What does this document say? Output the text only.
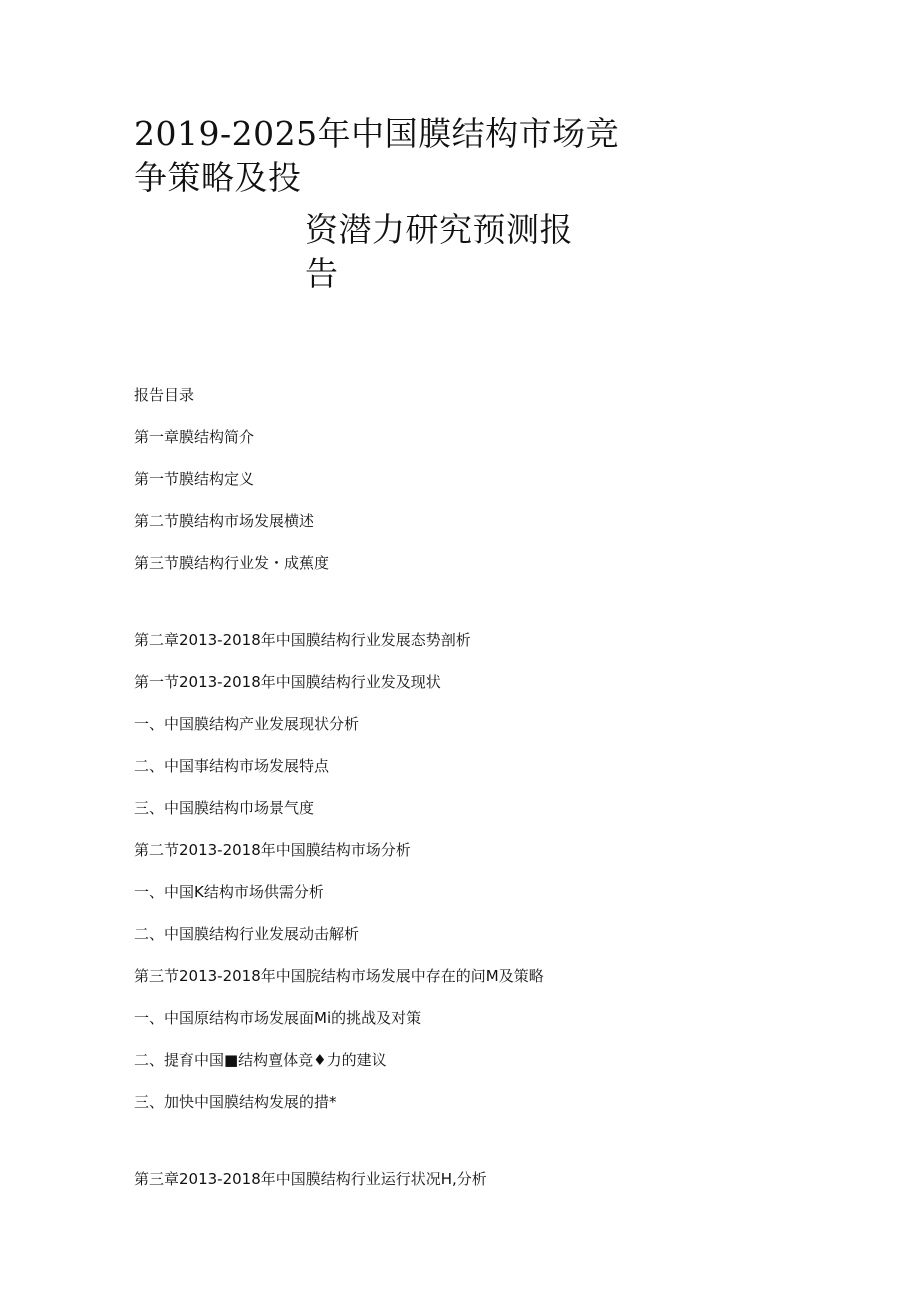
2019-2025年中国膜结构市场竞
争策略及投
资潜力研究预测报
告
报告目录
第一章膜结构简介
第一节膜结构定义
第二节膜结构市场发展横述
第三节膜结构行业发・成蕉度
第二章2013-2018年中国膜结构行业发展态势剖析
第一节2013-2018年中国膜结构行业发及现状
一、中国膜结构产业发展现状分析
二、中国事结构市场发展特点
三、中国膜结构巾场景气度
第二节2013-2018年中国膜结构市场分析
一、中国K结构市场供需分析
二、中国膜结构行业发展动击解析
第三节2013-2018年中国脘结构市场发展中存在的问M及策略
一、中国原结构市场发展面Mi的挑战及对策
二、提育中国■结构亶体竞♦力的建议
三、加快中国膜结构发展的措*
第三章2013-2018年中国膜结构行业运行状况H,分析
